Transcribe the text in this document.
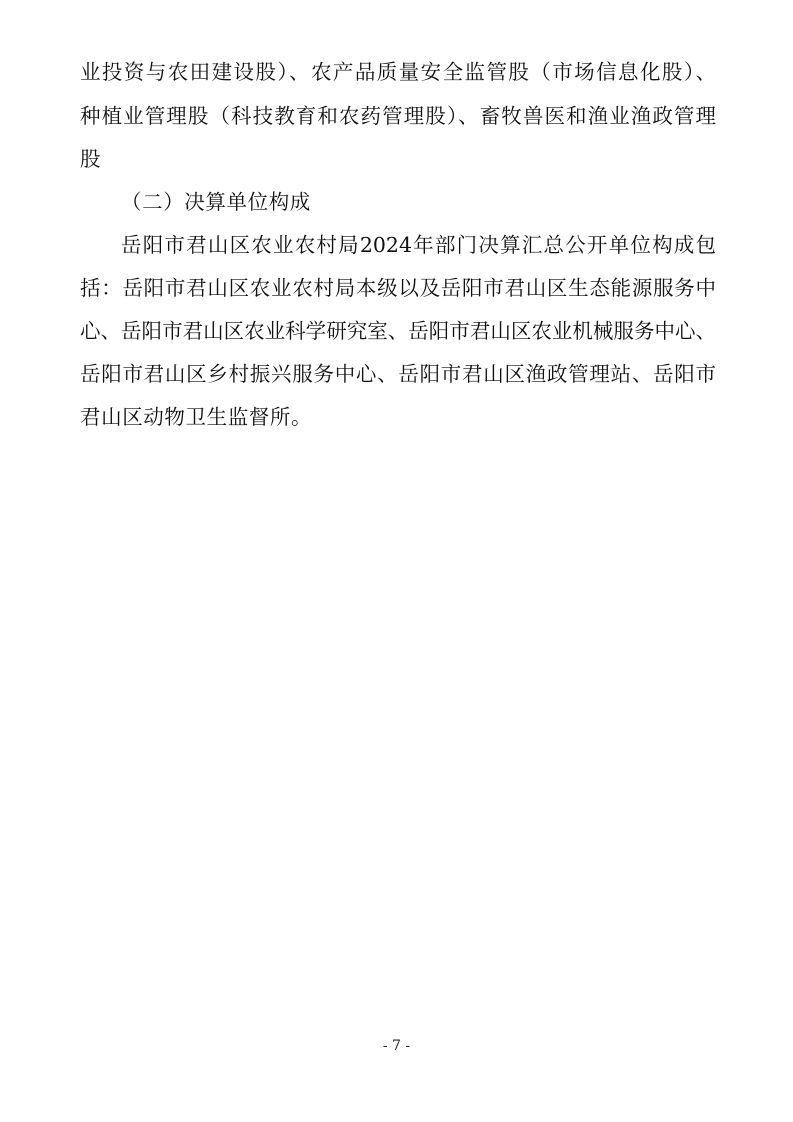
业投资与农田建设股）、农产品质量安全监管股（市场信息化股）、
种植业管理股（科技教育和农药管理股）、畜牧兽医和渔业渔政管理
股
（二）决算单位构成
岳阳市君山区农业农村局2024年部门决算汇总公开单位构成包
括：岳阳市君山区农业农村局本级以及岳阳市君山区生态能源服务中
心、岳阳市君山区农业科学研究室、岳阳市君山区农业机械服务中心、
岳阳市君山区乡村振兴服务中心、岳阳市君山区渔政管理站、岳阳市
君山区动物卫生监督所。
- 7 -
